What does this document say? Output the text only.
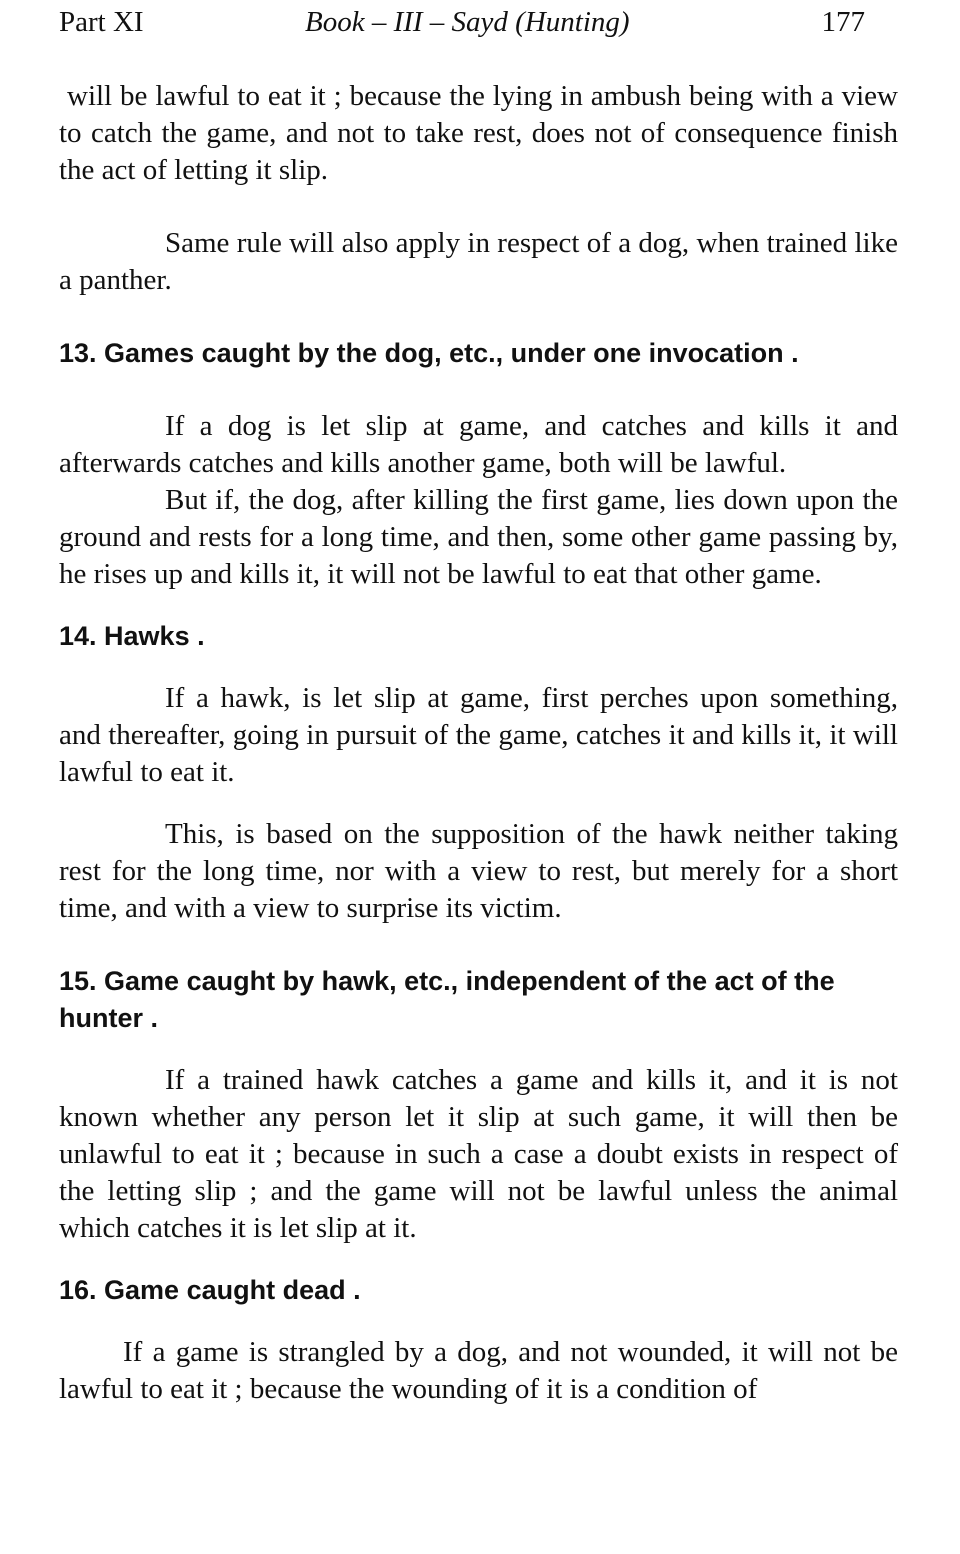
Part XI	Book – III – Sayd (Hunting)	177

will be lawful to eat it ; because the lying in ambush being with a view to catch the game, and not to take rest, does not of consequence finish the act of letting it slip.

Same rule will also apply in respect of a dog, when trained like a panther.

13. Games caught by the dog, etc., under one invocation .

If a dog is let slip at game, and catches and kills it and afterwards catches and kills another game, both will be lawful.

But if, the dog, after killing the first game, lies down upon the ground and rests for a long time, and then, some other game passing by, he rises up and kills it, it will not be lawful to eat that other game.

14. Hawks .

If a hawk, is let slip at game, first perches upon something, and thereafter, going in pursuit of the game, catches it and kills it, it will lawful to eat it.

This, is based on the supposition of the hawk neither taking rest for the long time, nor with a view to rest, but merely for a short time, and with a view to surprise its victim.

15. Game caught by hawk, etc., independent of the act of the hunter .

If a trained hawk catches a game and kills it, and it is not known whether any person let it slip at such game, it will then be unlawful to eat it ; because in such a case a doubt exists in respect of the letting slip ; and the game will not be lawful unless the animal which catches it is let slip at it.

16. Game caught dead .

If a game is strangled by a dog, and not wounded, it will not be lawful to eat it ; because the wounding of it is a condition of
